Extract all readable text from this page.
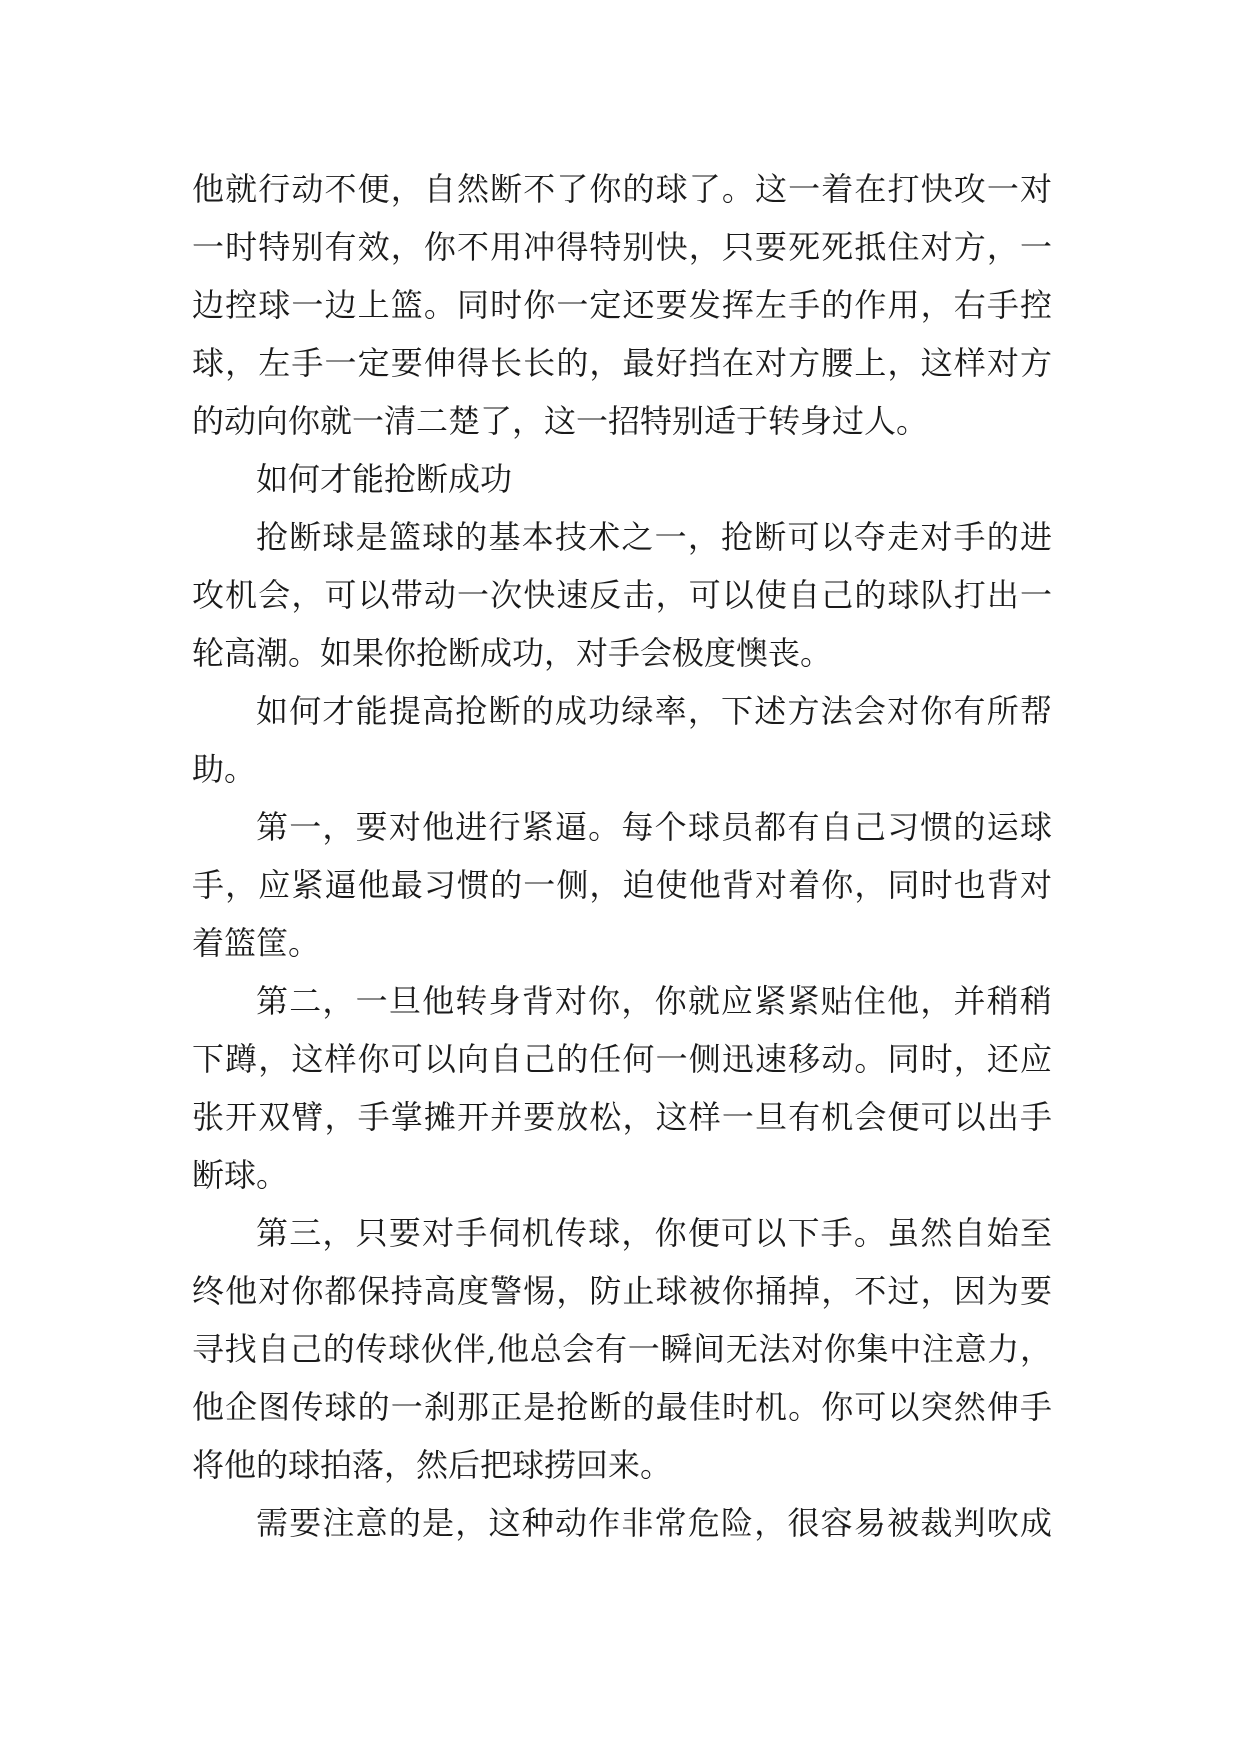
他就行动不便，自然断不了你的球了。这一着在打快攻一对
一时特别有效，你不用冲得特别快，只要死死抵住对方，一
边控球一边上篮。同时你一定还要发挥左手的作用，右手控
球，左手一定要伸得长长的，最好挡在对方腰上，这样对方
的动向你就一清二楚了，这一招特别适于转身过人。
如何才能抢断成功
抢断球是篮球的基本技术之一，抢断可以夺走对手的进
攻机会，可以带动一次快速反击，可以使自己的球队打出一
轮高潮。如果你抢断成功，对手会极度懊丧。
如何才能提高抢断的成功绿率，下述方法会对你有所帮
助。
第一，要对他进行紧逼。每个球员都有自己习惯的运球
手，应紧逼他最习惯的一侧，迫使他背对着你，同时也背对
着篮筐。
第二，一旦他转身背对你，你就应紧紧贴住他，并稍稍
下蹲，这样你可以向自己的任何一侧迅速移动。同时，还应
张开双臂，手掌摊开并要放松，这样一旦有机会便可以出手
断球。
第三，只要对手伺机传球，你便可以下手。虽然自始至
终他对你都保持高度警惕，防止球被你捅掉，不过，因为要
寻找自己的传球伙伴,他总会有一瞬间无法对你集中注意力，
他企图传球的一刹那正是抢断的最佳时机。你可以突然伸手
将他的球拍落，然后把球捞回来。
需要注意的是，这种动作非常危险，很容易被裁判吹成
